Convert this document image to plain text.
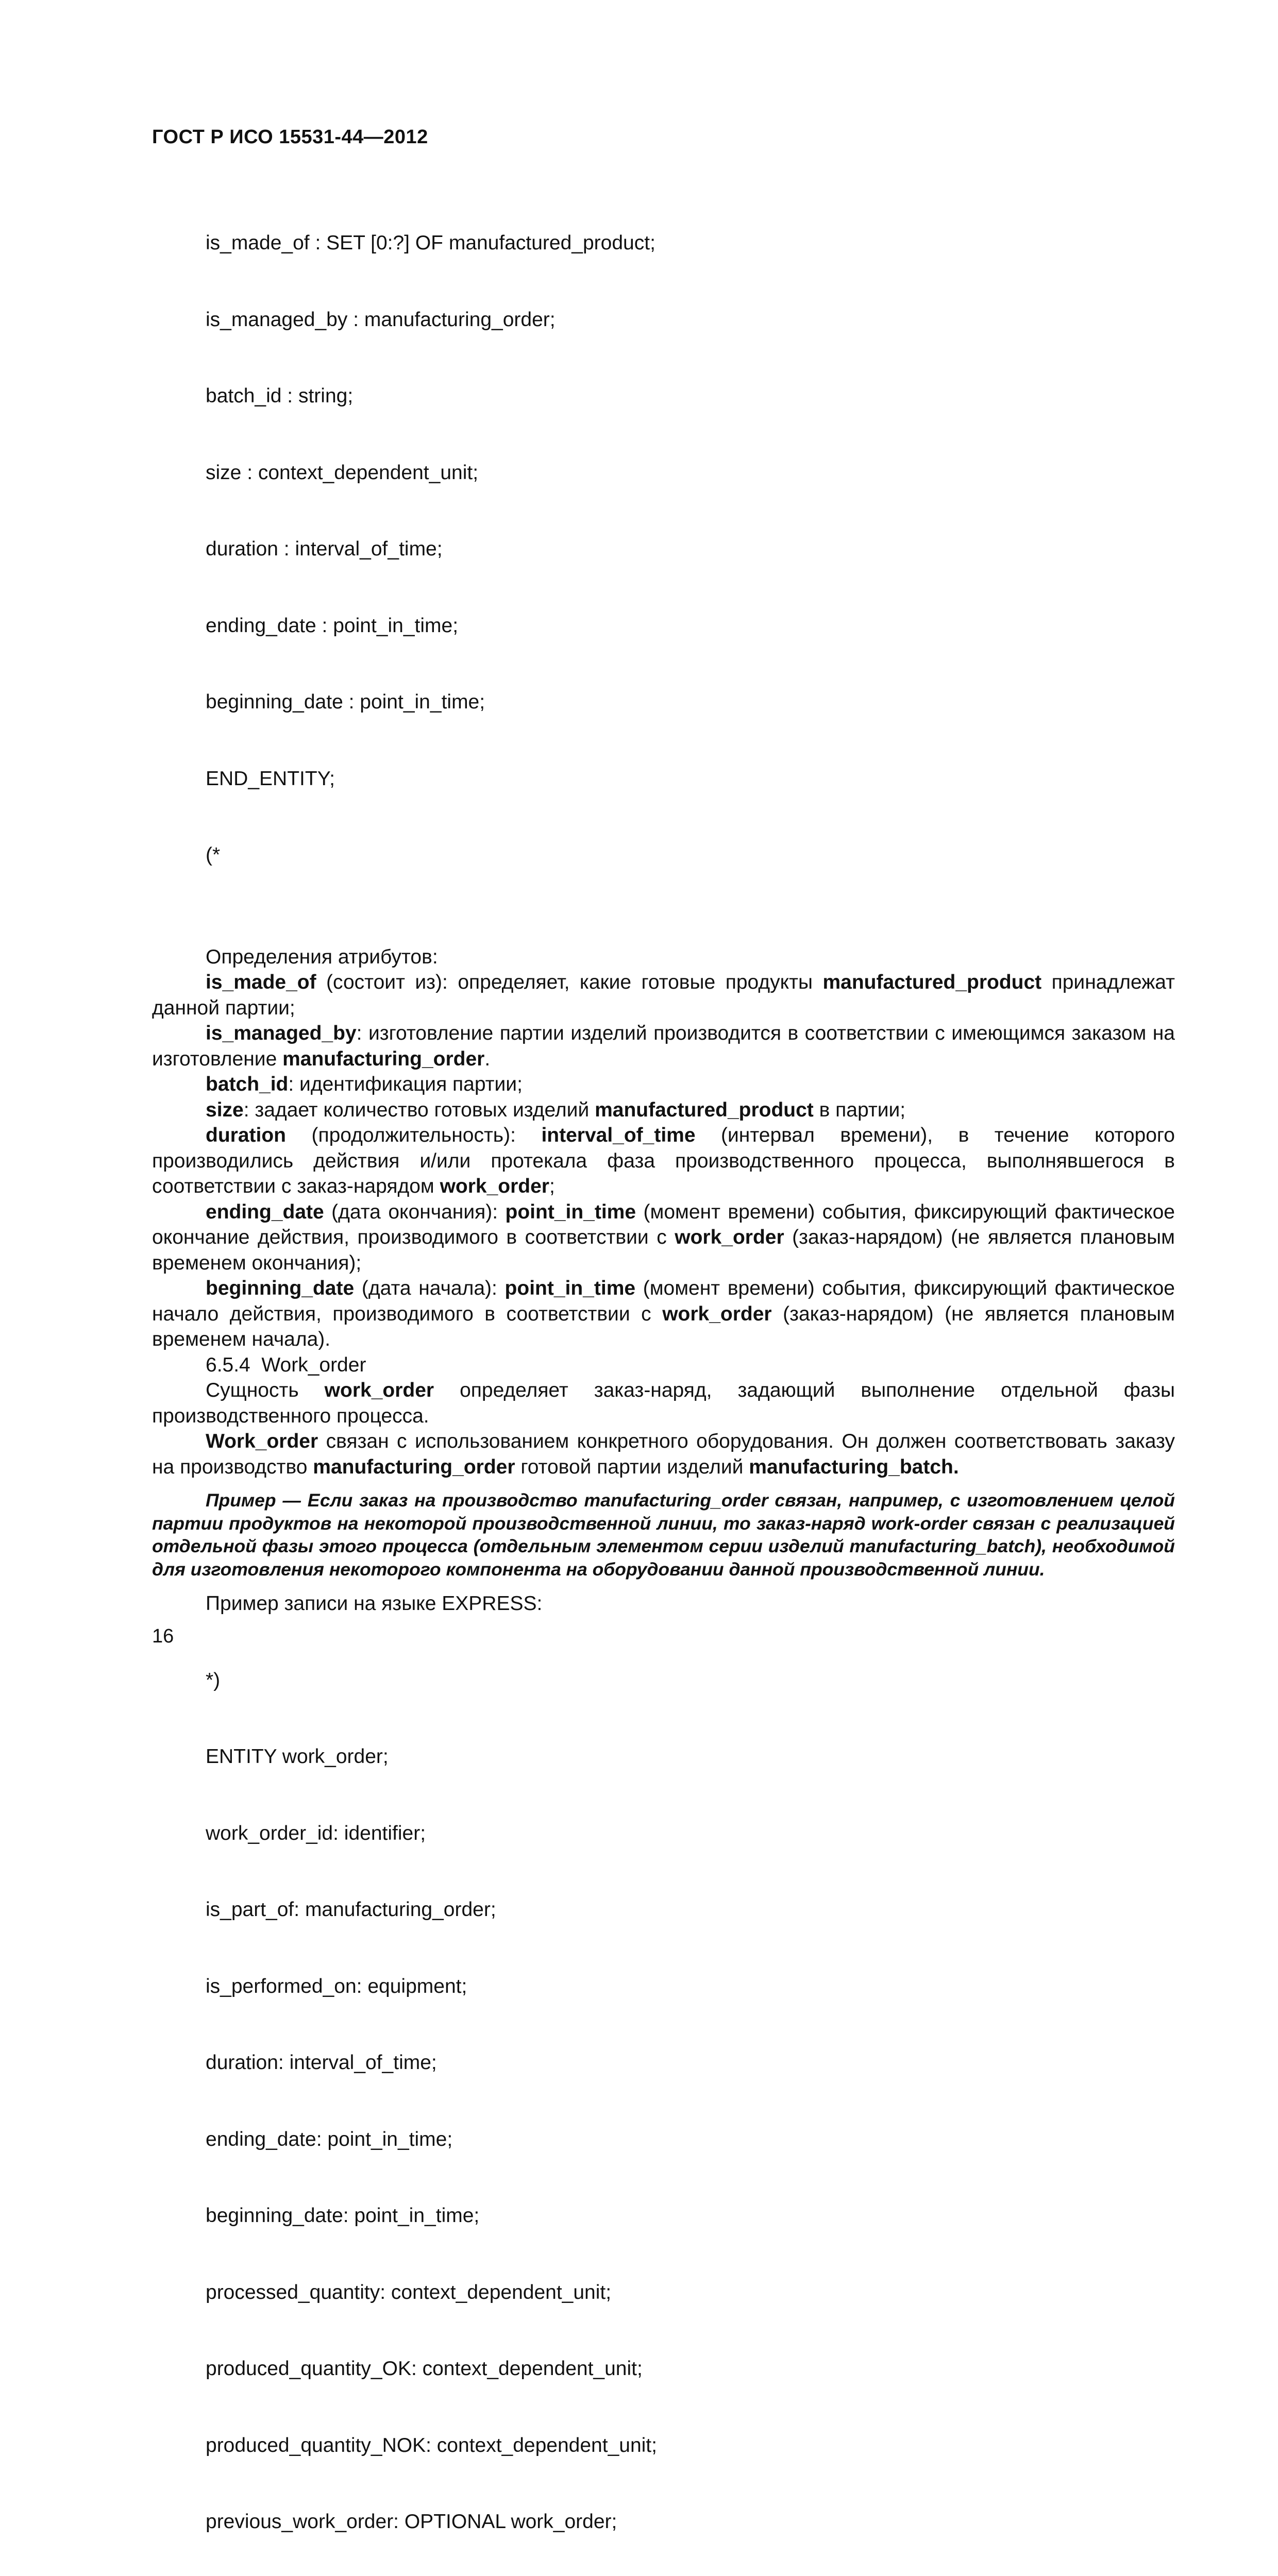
ГОСТ Р ИСО 15531-44—2012

is_made_of : SET [0:?] OF manufactured_product;

is_managed_by : manufacturing_order;

batch_id : string;

size : context_dependent_unit;

duration : interval_of_time;

ending_date : point_in_time;

beginning_date : point_in_time;

END_ENTITY;

(*

Определения атрибутов:

is_made_of (состоит из): определяет, какие готовые продукты manufactured_product принадлежат данной партии;

is_managed_by: изготовление партии изделий производится в соответствии с имеющимся заказом на изготовление manufacturing_order.

batch_id: идентификация партии;

size: задает количество готовых изделий manufactured_product в партии;

duration (продолжительность): interval_of_time (интервал времени), в течение которого производились действия и/или протекала фаза производственного процесса, выполнявшегося в соответствии с заказ-нарядом work_order;

ending_date (дата окончания): point_in_time (момент времени) события, фиксирующий фактическое окончание действия, производимого в соответствии с work_order (заказ-нарядом) (не является плановым временем окончания);

beginning_date (дата начала): point_in_time (момент времени) события, фиксирующий фактическое начало действия, производимого в соответствии с work_order (заказ-нарядом) (не является плановым временем начала).

6.5.4  Work_order

Сущность work_order определяет заказ-наряд, задающий выполнение отдельной фазы производственного процесса.

Work_order связан с использованием конкретного оборудования. Он должен соответствовать заказу на производство manufacturing_order готовой партии изделий manufacturing_batch.

Пример — Если заказ на производство manufacturing_order связан, например, с изготовлением целой партии продуктов на некоторой производственной линии, то заказ-наряд work-order связан с реализацией отдельной фазы этого процесса (отдельным элементом серии изделий manufacturing_batch), необходимой для изготовления некоторого компонента на оборудовании данной производственной линии.

Пример записи на языке EXPRESS:

*)

ENTITY work_order;

work_order_id: identifier;

is_part_of: manufacturing_order;

is_performed_on: equipment;

duration: interval_of_time;

ending_date: point_in_time;

beginning_date: point_in_time;

processed_quantity: context_dependent_unit;

produced_quantity_OK: context_dependent_unit;

produced_quantity_NOK: context_dependent_unit;

previous_work_order: OPTIONAL work_order;

16
